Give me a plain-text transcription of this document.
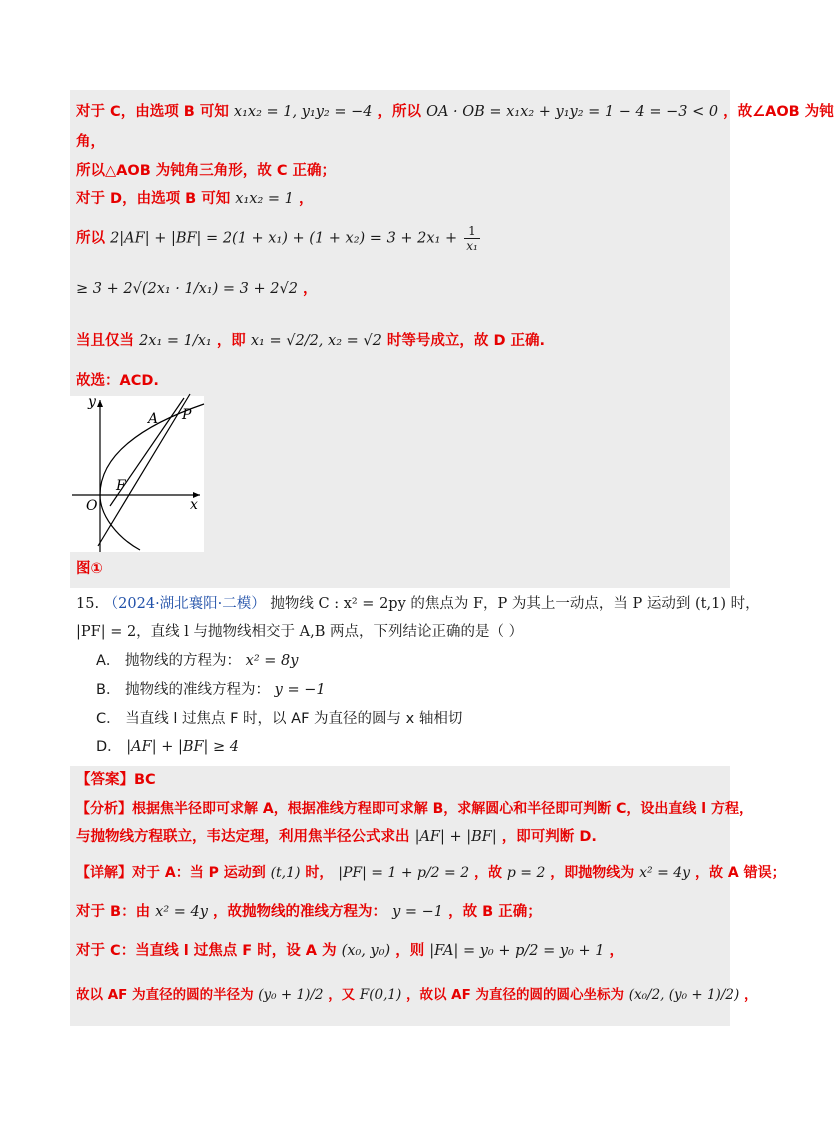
对于 C，由选项 B 可知 x₁x₂ = 1, y₁y₂ = −4 ，所以 OA · OB = x₁x₂ + y₁y₂ = 1 − 4 = −3 < 0 ，故∠AOB 为钝
角，
所以△AOB 为钝角三角形，故 C 正确；
对于 D，由选项 B 可知 x₁x₂ = 1 ，
所以 $2|AF| + |BF| = 2(1 + x_1) + (1 + x_2) = 3 + 2x_1 + \frac{1}{\text{x₁}}$
≥ 3 + 2√(2x₁ · 1/x₁) = 3 + 2√2 ，
当且仅当 2x₁ = 1/x₁ ，即 x₁ = √2/2, x₂ = √2 时等号成立，故 D 正确.
故选：ACD.
y
x
O
F
A P
图①
15. （2024·湖北襄阳·二模） 抛物线 C : x² = 2py 的焦点为 F，P 为其上一动点，当 P 运动到 (t,1) 时，
|PF| = 2，直线 l 与抛物线相交于 A,B 两点，下列结论正确的是（ ）
A． 抛物线的方程为： x² = 8y
B． 抛物线的准线方程为： y = −1
C． 当直线 l 过焦点 F 时，以 AF 为直径的圆与 x 轴相切
D． |AF| + |BF| ≥ 4
【答案】BC
【分析】根据焦半径即可求解 A，根据准线方程即可求解 B，求解圆心和半径即可判断 C，设出直线 l 方程，
与抛物线方程联立，韦达定理，利用焦半径公式求出 |AF| + |BF| ，即可判断 D.
【详解】对于 A：当 P 运动到 (t,1) 时， |PF| = 1 + p/2 = 2 ，故 p = 2 ，即抛物线为 x² = 4y ，故 A 错误；
对于 B：由 x² = 4y ，故抛物线的准线方程为： y = −1 ，故 B 正确；
对于 C：当直线 l 过焦点 F 时，设 A 为 (x₀, y₀) ，则 |FA| = y₀ + p/2 = y₀ + 1 ，
故以 AF 为直径的圆的半径为 (y₀ + 1)/2 ，又 F(0,1) ，故以 AF 为直径的圆的圆心坐标为 (x₀/2, (y₀ + 1)/2) ，
